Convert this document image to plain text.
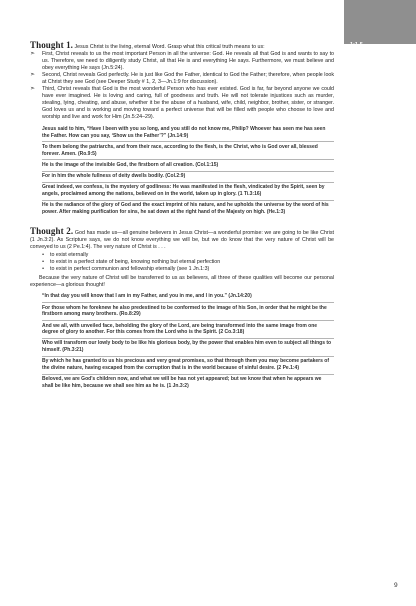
Thought 1. Jesus Christ is the living, eternal Word. Grasp what this critical truth means to us:

➣	First, Christ reveals to us the most important Person in all the universe: God. He reveals all that God is and wants to say to us. Therefore, we need to diligently study Christ, all that He is and everything He says. Furthermore, we must believe and obey everything He says (Jn.5:24).
➣	Second, Christ reveals God perfectly. He is just like God the Father, identical to God the Father; therefore, when people look at Christ they see God (see Deeper Study # 1, 2, 3—Jn.1:9 for discussion).
➣	Third, Christ reveals that God is the most wonderful Person who has ever existed. God is far, far beyond anyone we could have ever imagined. He is loving and caring, full of goodness and truth. He will not tolerate injustices such as murder, stealing, lying, cheating, and abuse, whether it be the abuse of a husband, wife, child, neighbor, brother, sister, or stranger. God loves us and is working and moving toward a perfect universe that will be filled with people who choose to love and worship and live and work for Him (Jn.5:24–29).

Jesus said to him, “Have I been with you so long, and you still do not know me, Philip? Whoever has seen me has seen the Father. How can you say, ‘Show us the Father’?” (Jn.14:9)

To them belong the patriarchs, and from their race, according to the flesh, is the Christ, who is God over all, blessed forever. Amen. (Ro.9:5)

He is the image of the invisible God, the firstborn of all creation. (Col.1:15)

For in him the whole fullness of deity dwells bodily. (Col.2:9)

Great indeed, we confess, is the mystery of godliness: He was manifested in the flesh, vindicated by the Spirit, seen by angels, proclaimed among the nations, believed on in the world, taken up in glory. (1 Ti.3:16)

He is the radiance of the glory of God and the exact imprint of his nature, and he upholds the universe by the word of his power. After making purification for sins, he sat down at the right hand of the Majesty on high. (He.1:3)

Thought 2. God has made us—all genuine believers in Jesus Christ—a wonderful promise: we are going to be like Christ (1 Jn.3:2). As Scripture says, we do not know everything we will be, but we do know that the very nature of Christ will be conveyed to us (2 Pe.1:4). The very nature of Christ is . . .

•	to exist eternally
•	to exist in a perfect state of being, knowing nothing but eternal perfection
•	to exist in perfect communion and fellowship eternally (see 1 Jn.1:3)

Because the very nature of Christ will be transferred to us as believers, all three of these qualities will become our personal experience—a glorious thought!

“In that day you will know that I am in my Father, and you in me, and I in you.” (Jn.14:20)

For those whom he foreknew he also predestined to be conformed to the image of his Son, in order that he might be the firstborn among many brothers. (Ro.8:29)

And we all, with unveiled face, beholding the glory of the Lord, are being transformed into the same image from one degree of glory to another. For this comes from the Lord who is the Spirit. (2 Co.3:18)

Who will transform our lowly body to be like his glorious body, by the power that enables him even to subject all things to himself. (Ph.3:21)

By which he has granted to us his precious and very great promises, so that through them you may become partakers of the divine nature, having escaped from the corruption that is in the world because of sinful desire. (2 Pe.1:4)

Beloved, we are God’s children now, and what we will be has not yet appeared; but we know that when he appears we shall be like him, because we shall see him as he is. (1 Jn.3:2)

9
